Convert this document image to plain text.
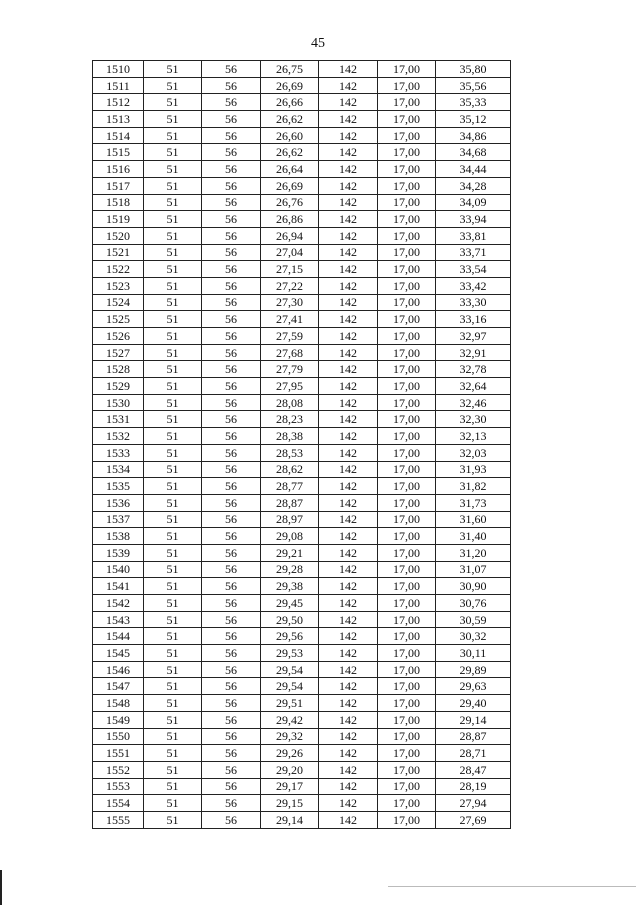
45
1510	51	56	26,75	142	17,00	35,80
1511	51	56	26,69	142	17,00	35,56
1512	51	56	26,66	142	17,00	35,33
1513	51	56	26,62	142	17,00	35,12
1514	51	56	26,60	142	17,00	34,86
1515	51	56	26,62	142	17,00	34,68
1516	51	56	26,64	142	17,00	34,44
1517	51	56	26,69	142	17,00	34,28
1518	51	56	26,76	142	17,00	34,09
1519	51	56	26,86	142	17,00	33,94
1520	51	56	26,94	142	17,00	33,81
1521	51	56	27,04	142	17,00	33,71
1522	51	56	27,15	142	17,00	33,54
1523	51	56	27,22	142	17,00	33,42
1524	51	56	27,30	142	17,00	33,30
1525	51	56	27,41	142	17,00	33,16
1526	51	56	27,59	142	17,00	32,97
1527	51	56	27,68	142	17,00	32,91
1528	51	56	27,79	142	17,00	32,78
1529	51	56	27,95	142	17,00	32,64
1530	51	56	28,08	142	17,00	32,46
1531	51	56	28,23	142	17,00	32,30
1532	51	56	28,38	142	17,00	32,13
1533	51	56	28,53	142	17,00	32,03
1534	51	56	28,62	142	17,00	31,93
1535	51	56	28,77	142	17,00	31,82
1536	51	56	28,87	142	17,00	31,73
1537	51	56	28,97	142	17,00	31,60
1538	51	56	29,08	142	17,00	31,40
1539	51	56	29,21	142	17,00	31,20
1540	51	56	29,28	142	17,00	31,07
1541	51	56	29,38	142	17,00	30,90
1542	51	56	29,45	142	17,00	30,76
1543	51	56	29,50	142	17,00	30,59
1544	51	56	29,56	142	17,00	30,32
1545	51	56	29,53	142	17,00	30,11
1546	51	56	29,54	142	17,00	29,89
1547	51	56	29,54	142	17,00	29,63
1548	51	56	29,51	142	17,00	29,40
1549	51	56	29,42	142	17,00	29,14
1550	51	56	29,32	142	17,00	28,87
1551	51	56	29,26	142	17,00	28,71
1552	51	56	29,20	142	17,00	28,47
1553	51	56	29,17	142	17,00	28,19
1554	51	56	29,15	142	17,00	27,94
1555	51	56	29,14	142	17,00	27,69
